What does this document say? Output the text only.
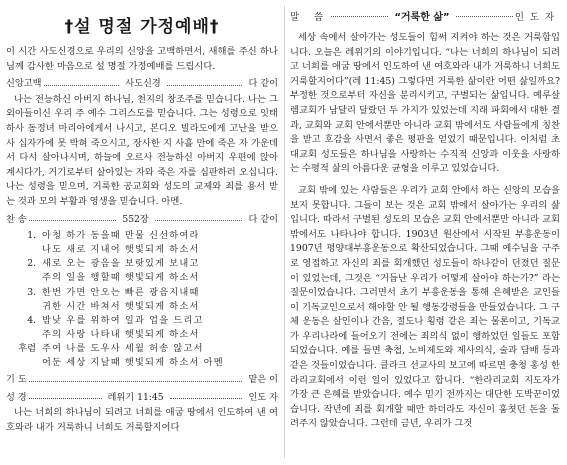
†설 명절 가정예배†

이 시간 사도신경으로 우리의 신앙을 고백하면서, 새해를 주신 하나님께 감사한 마음으로 설 명절 가정예배를 드립시다.

신앙고백	사도신경	다 같이

나는 전능하신 아버지 하나님, 천지의 창조주를 믿습니다. 나는 그 외아들이신 우리 주 예수 그리스도를 믿습니다. 그는 성령으로 잇태하사 동정녀 마리아에게서 나시고, 본디오 빌라도에게 고난을 받으사 십자가에 못 박혀 죽으시고, 장사한 지 사흘 만에 죽은 자 가운데서 다시 살아나시며, 하늘에 오르사 전능하신 아버지 우편에 앉아 계시다가, 거기로부터 살아있는 자와 죽은 자를 심판하러 오십니다. 나는 성령을 믿으며, 거룩한 공교회와 성도의 교제와 죄를 용서 받는 것과 모의 부활과 영생을 믿습니다. 아멘.

찬 송	552장	다 같이
1. 아청 하가 동을때 만물 신선하여라
나도 새로 지내어 햇빛되게 하소서
2. 새로 오는 광음을 보랏있게 보내고
주의 일을 행할때 햇빛되게 하소서
3. 한번 가면 안오는 빠른 광음지내때
귀한 시간 바쳐서 햇빛되게 하소서
4. 밤낮 우를 위하여 일과 업을 드리고
주의 사랑 나타내 햇빛되게 하소서
후렴 주여 나를 도우사 세월 허송 않고서
어둔 세상 지날때 햇빛되게 하소서 아멘
기 도	맡은 이
성 경	레위기 11:45	인도 자

나는 너희의 하나님이 되려고 너희를 애굽 땅에서 인도하여 낸 여호와라 내가 거룩하니 너희도 거룩할지어다

말 씀	“거룩한 삶”	인도자

세상 속에서 살아가는 성도들이 힘써 지켜야 하는 것은 거룩함입니다. 오늘은 레위기의 이야기입니다. “나는 너희의 하나님이 되려고 너희를 애굽 땅에서 인도하여 낸 여호와라 내가 거룩하니 너희도 거룩할지어다”(레 11:45) 그렇다면 거룩한 삶이란 어떤 삶일까요? 부정한 것으로부터 자신을 분리시키고, 구별되는 삶입니다. 예루살렘교회가 남달리 달랐던 두 가지가 있었는데 지래 파회에서 대한 결과, 교회와 교회 안에서뿐만 아니라 교회 밖에서도 사람들에게 칭찬을 받고 호감을 사면서 좋은 평판을 얻었기 때문입니다. 이처럼 초대교회 성도들은 하나님을 사랑하는 수직적 신앙과 이웃을 사랑하는 수평적 삶의 아름다운 균형을 이루고 있었습니다.

교회 밖에 있는 사람들은 우리가 교회 안에서 하는 신앙의 모습을 보지 못합니다. 그들이 보는 것은 교회 밖에서 살아가는 우리의 삶입니다. 따라서 구별된 성도의 모습은 교회 안에서뿐만 아니라 교회 밖에서도 나타나야 합니다. 1903년 원산에서 시작된 부흥운동이 1907년 평양대부흥운동으로 확산되었습니다. 그때 예수님을 구주로 영접하고 자신의 죄를 회개했던 성도들이 하나같이 던졌던 질문이 있었는데, 그것은 “거듭난 우리가 어떻게 살아야 하는가?” 라는 질문이었습니다. 그러면서 초기 부흥운동을 통해 은혜받은 교인들이 기독교인으로서 해야할 안 될 행동강령들을 만들었습니다. 그 구체 운동은 살인이나 간음, 절도나 횡령 같은 죄는 물론이고, 기독교가 우리나라에 들어오기 전에는 죄의식 없이 행하었던 일들도 포함되었습니다. 예를 들면 축첩, 노비제도와 제사의식, 술과 담배 등과 같은 것들이었습니다. 클라크 선교사의 보고에 따르면 충청 홍성 한라리교회에서 이런 일이 있었다고 합니다. “한라리교회 지도자가 가장 큰 은혜를 받았습니다. 예수 믿기 전까지는 대단한 도박꾼이었습니다. 작년에 죄를 회개할 때만 하더라도 자신이 훔쳣던 돈을 돌려주지 않았습니다. 그런데 금년, 우리가 그것
